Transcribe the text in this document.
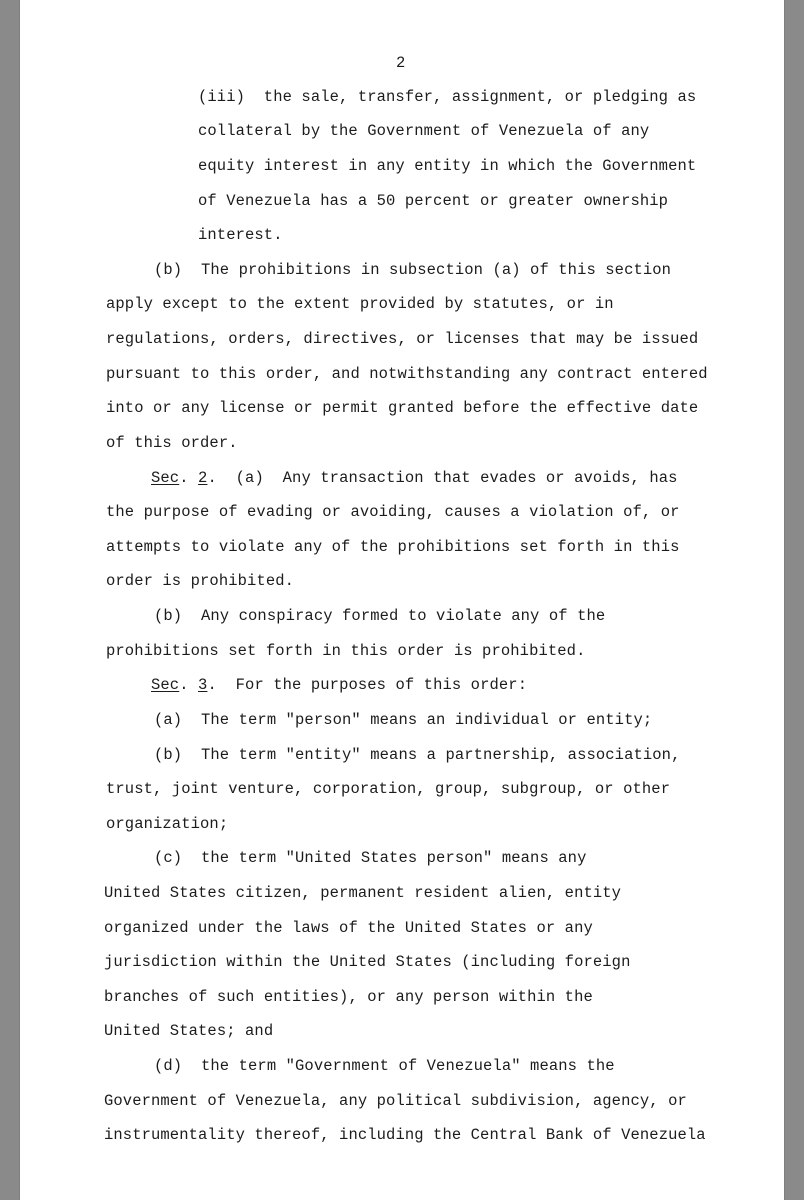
2
(iii)  the sale, transfer, assignment, or pledging as
collateral by the Government of Venezuela of any
equity interest in any entity in which the Government
of Venezuela has a 50 percent or greater ownership
interest.
(b)  The prohibitions in subsection (a) of this section
apply except to the extent provided by statutes, or in
regulations, orders, directives, or licenses that may be issued
pursuant to this order, and notwithstanding any contract entered
into or any license or permit granted before the effective date
of this order.
Sec. 2.  (a)  Any transaction that evades or avoids, has
the purpose of evading or avoiding, causes a violation of, or
attempts to violate any of the prohibitions set forth in this
order is prohibited.
(b)  Any conspiracy formed to violate any of the
prohibitions set forth in this order is prohibited.
Sec. 3.  For the purposes of this order:
(a)  The term "person" means an individual or entity;
(b)  The term "entity" means a partnership, association,
trust, joint venture, corporation, group, subgroup, or other
organization;
(c)  the term "United States person" means any
United States citizen, permanent resident alien, entity
organized under the laws of the United States or any
jurisdiction within the United States (including foreign
branches of such entities), or any person within the
United States; and
(d)  the term "Government of Venezuela" means the
Government of Venezuela, any political subdivision, agency, or
instrumentality thereof, including the Central Bank of Venezuela
